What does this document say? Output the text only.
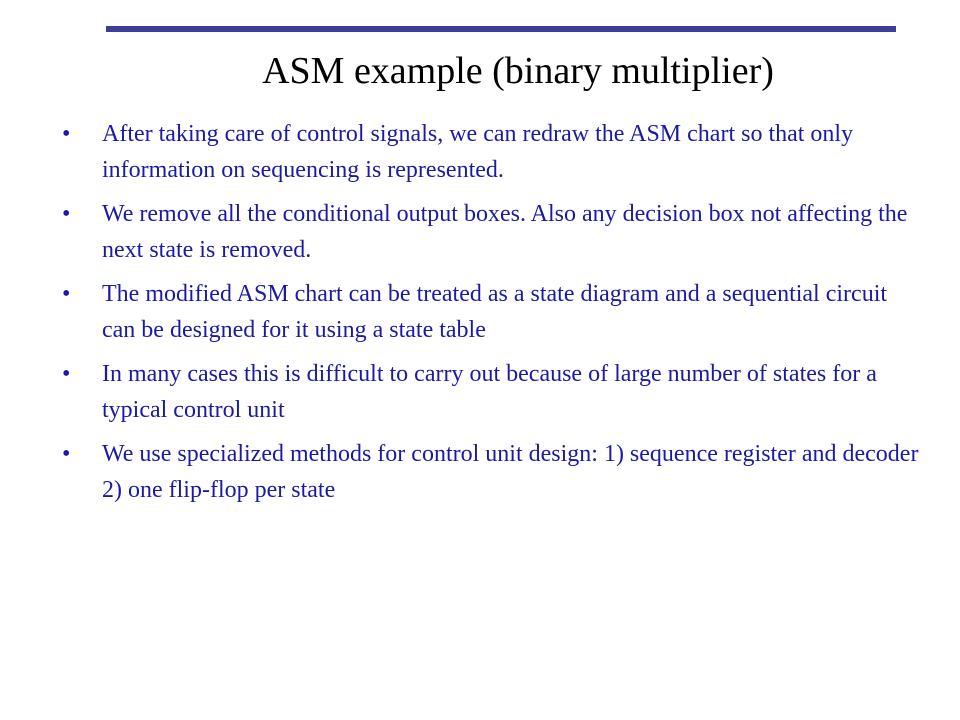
ASM example (binary multiplier)
• After taking care of control signals, we can redraw the ASM chart so that only information on sequencing is represented.
• We remove all the conditional output boxes. Also any decision box not affecting the next state is removed.
• The modified ASM chart can be treated as a state diagram and a sequential circuit can be designed for it using a state table
• In many cases this is difficult to carry out because of large number of states for a typical control unit
• We use specialized methods for control unit design: 1) sequence register and decoder 2) one flip-flop per state
